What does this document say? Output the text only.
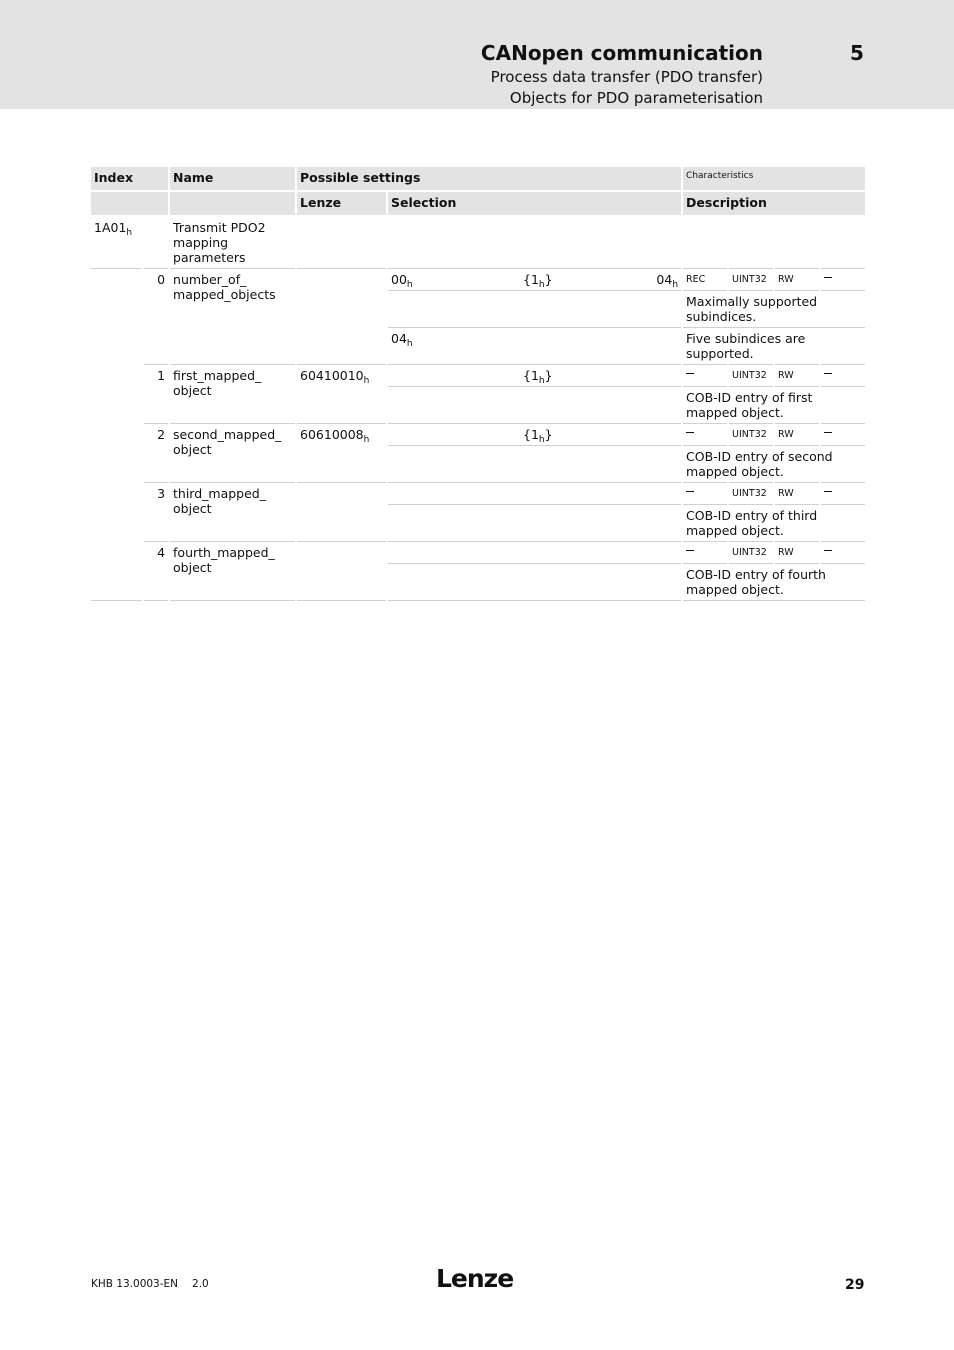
CANopen communication	5
Process data transfer (PDO transfer)
Objects for PDO parameterisation
Index		Name	Possible settings		Characteristics			
			Lenze	Selection	Description			
$1A01_h$		Transmit PDO2 mapping parameters						
	0	number_of_ mapped_objects		$00_h$ $\{1_h\}$ $04_h$	REC	UINT32	RW	
					Maximally supported subindices.			
				$04_h$	Five subindices are supported.			
	1	first_mapped_ object	$60410010_h$	$\{1_h\}$		UINT32	RW	
					COB-ID entry of first mapped object.			
	2	second_mapped_ object	$60610008_h$	$\{1_h\}$		UINT32	RW	
					COB-ID entry of second mapped object.			
	3	third_mapped_ object				UINT32	RW	
					COB-ID entry of third mapped object.			
	4	fourth_mapped_ object				UINT32	RW	
					COB-ID entry of fourth mapped object.			
KHB 13.0003-EN 2.0	Lenze	29
